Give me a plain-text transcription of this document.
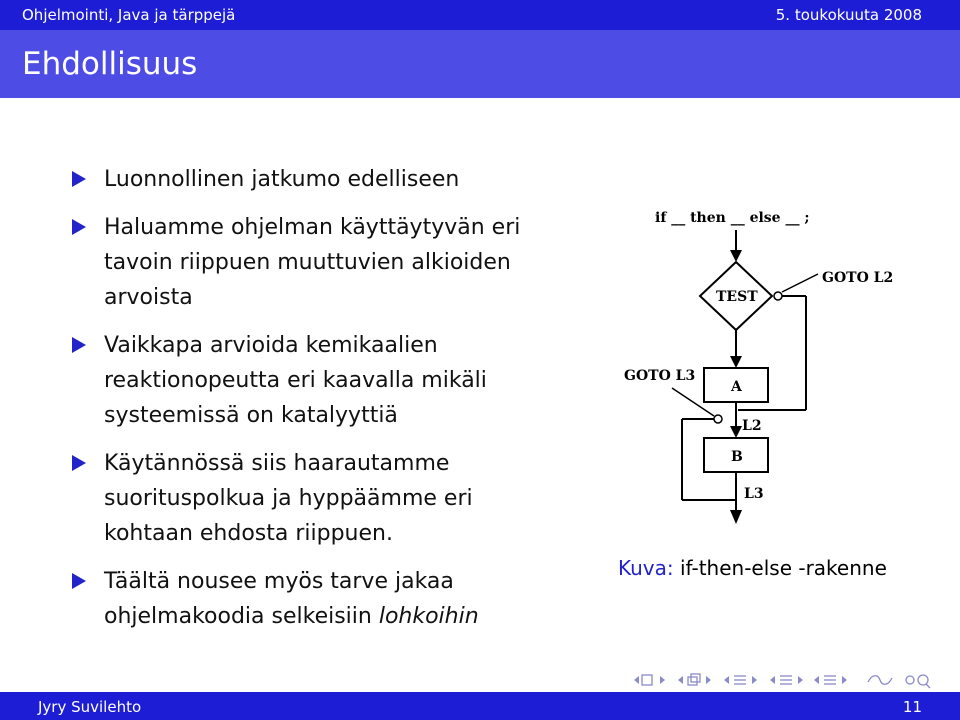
Ohjelmointi, Java ja tärppejä	5. toukokuuta 2008
Ehdollisuus
Luonnollinen jatkumo edelliseen
Haluamme ohjelman käyttäytyvän eri
tavoin riippuen muuttuvien alkioiden
arvoista
Vaikkapa arvioida kemikaalien
reaktionopeutta eri kaavalla mikäli
systeemissä on katalyyttiä
Käytännössä siis haarautamme
suorituspolkua ja hyppäämme eri
kohtaan ehdosta riippuen.
Täältä nousee myös tarve jakaa
ohjelmakoodia selkeisiin lohkoihin
if __ then __ else __ ;
TEST
GOTO L2
A
GOTO L3
L2
B
L3
Kuva: if-then-else -rakenne
Jyry Suvilehto	11
